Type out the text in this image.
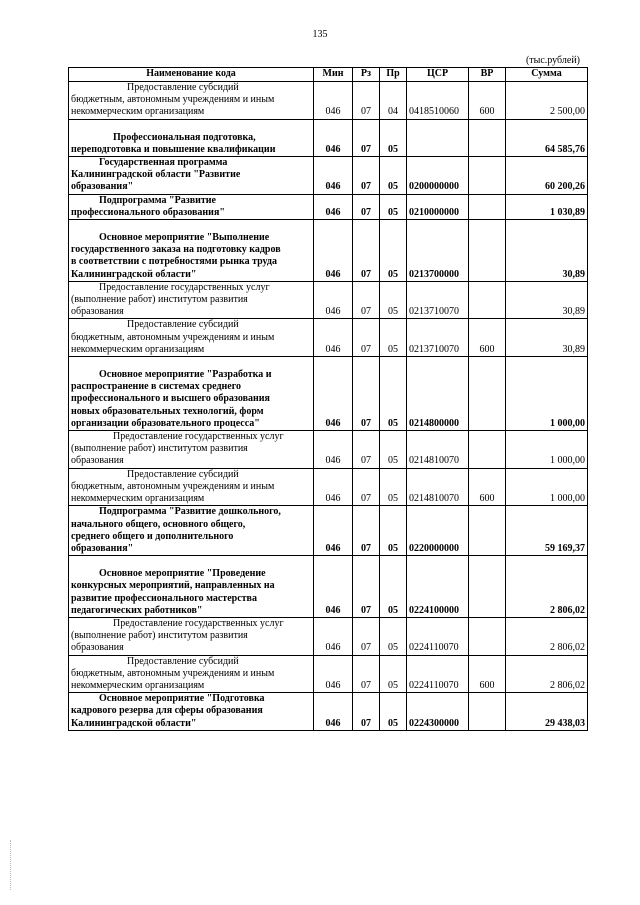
135
(тыс.рублей)
Наименование кода	Мин	Рз	Пр	ЦСР	ВР	Сумма

Предоставление субсидий
бюджетным, автономным учреждениям и иным
некоммерческим организациям	046	07	04	0418510060	600	2 500,00

Профессиональная подготовка,
переподготовка и повышение квалификации	046	07	05			64 585,76

Государственная программа
Калининградской области "Развитие
образования"	046	07	05	0200000000		60 200,26

Подпрограмма "Развитие
профессионального образования"	046	07	05	0210000000		1 030,89

Основное мероприятие "Выполнение
государственного заказа на подготовку кадров
в соответствии с потребностями рынка труда
Калининградской области"	046	07	05	0213700000		30,89

Предоставление государственных услуг
(выполнение работ) институтом развития
образования	046	07	05	0213710070		30,89

Предоставление субсидий
бюджетным, автономным учреждениям и иным
некоммерческим организациям	046	07	05	0213710070	600	30,89

Основное мероприятие "Разработка и
распространение в системах среднего
профессионального и высшего образования
новых образовательных технологий, форм
организации образовательного процесса"	046	07	05	0214800000		1 000,00

Предоставление государственных услуг
(выполнение работ) институтом развития
образования	046	07	05	0214810070		1 000,00

Предоставление субсидий
бюджетным, автономным учреждениям и иным
некоммерческим организациям	046	07	05	0214810070	600	1 000,00

Подпрограмма "Развитие дошкольного,
начального общего, основного общего,
среднего общего и дополнительного
образования"	046	07	05	0220000000		59 169,37

Основное мероприятие "Проведение
конкурсных мероприятий, направленных на
развитие профессионального мастерства
педагогических работников"	046	07	05	0224100000		2 806,02

Предоставление государственных услуг
(выполнение работ) институтом развития
образования	046	07	05	0224110070		2 806,02

Предоставление субсидий
бюджетным, автономным учреждениям и иным
некоммерческим организациям	046	07	05	0224110070	600	2 806,02

Основное мероприятие "Подготовка
кадрового резерва для сферы образования
Калининградской области"	046	07	05	0224300000		29 438,03
